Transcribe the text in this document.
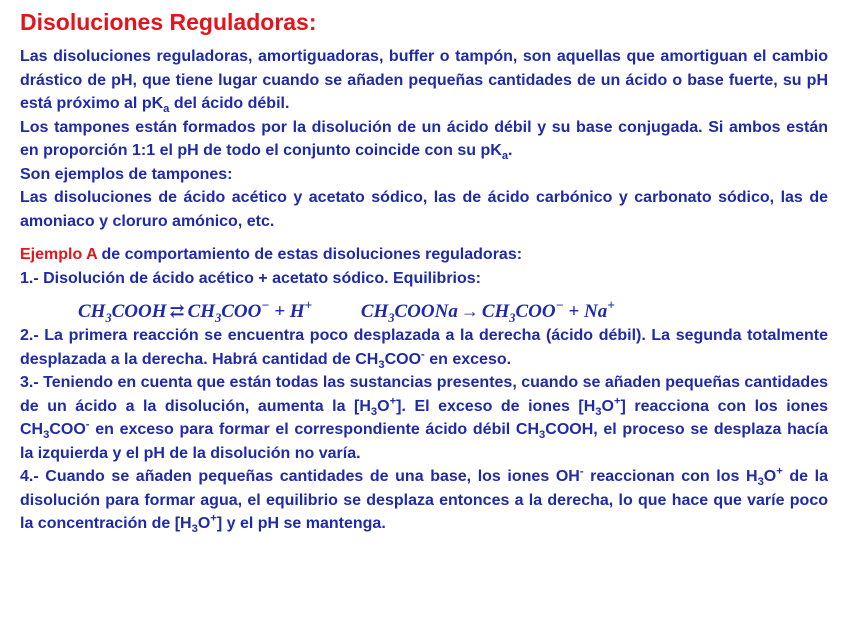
Disoluciones Reguladoras:

Las disoluciones reguladoras, amortiguadoras, buffer o tampón, son aquellas que amortiguan el cambio drástico de pH, que tiene lugar cuando se añaden pequeñas cantidades de un ácido o base fuerte, su pH está próximo al $pK_a$ del ácido débil.

Los tampones están formados por la disolución de un ácido débil y su base conjugada. Si ambos están en proporción 1:1 el pH de todo el conjunto coincide con su $pK_a$.

Son ejemplos de tampones:

Las disoluciones de ácido acético y acetato sódico, las de ácido carbónico y carbonato sódico, las de amoniaco y cloruro amónico, etc.

Ejemplo A de comportamiento de estas disoluciones reguladoras:

1.- Disolución de ácido acético + acetato sódico. Equilibrios:

$CH_3COOH$ ⇄ $CH_3COO^- + H^+$	$CH_3COONa \to CH_3COO^- + Na^+$

2.- La primera reacción se encuentra poco desplazada a la derecha (ácido débil). La segunda totalmente desplazada a la derecha. Habrá cantidad de $CH_3COO^-$ en exceso.

3.- Teniendo en cuenta que están todas las sustancias presentes, cuando se añaden pequeñas cantidades de un ácido a la disolución, aumenta la $[H_3O^+]$. El exceso de iones $[H_3O^+]$ reacciona con los iones $CH_3COO^-$ en exceso para formar el correspondiente ácido débil $CH_3COOH$, el proceso se desplaza hacía la izquierda y el pH de la disolución no varía.

4.- Cuando se añaden pequeñas cantidades de una base, los iones OH- reaccionan con los $H_3O^+$ de la disolución para formar agua, el equilibrio se desplaza entonces a la derecha, lo que hace que varíe poco la concentración de $[H_3O^+]$ y el pH se mantenga.
